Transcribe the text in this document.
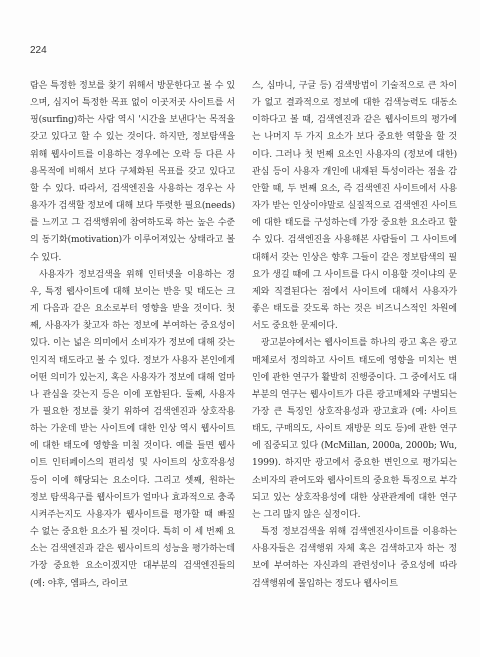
224

람은 특정한 정보를 찾기 위해서 방문한다고 볼 수 있으며, 심지어 특정한 목표 없이 이곳저곳 사이트를 서핑(surfing)하는 사람 역시 '시간을 보낸다'는 목적을 갖고 있다고 할 수 있는 것이다. 하지만, 정보탐색을 위해 웹사이트를 이용하는 경우에는 오락 등 다른 사용목적에 비해서 보다 구체화된 목표를 갖고 있다고 할 수 있다. 따라서, 검색엔진을 사용하는 경우는 사용자가 검색할 정보에 대해 보다 뚜렷한 필요(needs)를 느끼고 그 검색행위에 참여하도록 하는 높은 수준의 동기화(motivation)가 이루어져있는 상태라고 볼 수 있다.

사용자가 정보검색을 위해 인터넷을 이용하는 경우, 특정 웹사이트에 대해 보이는 반응 및 태도는 크게 다음과 같은 요소로부터 영향을 받을 것이다. 첫째, 사용자가 찾고자 하는 정보에 부여하는 중요성이 있다. 이는 넓은 의미에서 소비자가 정보에 대해 갖는 인지적 태도라고 볼 수 있다. 정보가 사용자 본인에게 어떤 의미가 있는지, 혹은 사용자가 정보에 대해 얼마나 관심을 갖는지 등은 이에 포함된다. 둘째, 사용자가 필요한 정보를 찾기 위하여 검색엔진과 상호작용하는 가운데 받는 사이트에 대한 인상 역시 웹사이트에 대한 태도에 영향을 미칠 것이다. 예를 들면 웹사이트 인터페이스의 편리성 및 사이트의 상호작용성 등이 이에 해당되는 요소이다. 그리고 셋째, 원하는 정보 탐색욕구를 웹사이트가 얼마나 효과적으로 충족시켜주는지도 사용자가 웹사이트를 평가할 때 빠질 수 없는 중요한 요소가 될 것이다. 특히 이 세 번째 요소는 검색엔진과 같은 웹사이트의 성능을 평가하는데 가장 중요한 요소이겠지만 대부분의 검색엔진들의(예: 야후, 엠파스, 라이코

스, 심마니, 구글 등) 검색방법이 기술적으로 큰 차이가 없고 결과적으로 정보에 대한 검색능력도 대동소이하다고 볼 때, 검색엔진과 같은 웹사이트의 평가에는 나머지 두 가지 요소가 보다 중요한 역할을 할 것이다. 그러나 첫 번째 요소인 사용자의 (정보에 대한) 관심 등이 사용자 개인에 내재된 특성이라는 점을 감안할 때, 두 번째 요소, 즉 검색엔진 사이트에서 사용자가 받는 인상이야말로 실질적으로 검색엔진 사이트에 대한 태도를 구성하는데 가장 중요한 요소라고 할 수 있다. 검색엔진을 사용해본 사람들이 그 사이트에 대해서 갖는 인상은 향후 그들이 같은 정보탐색의 필요가 생길 때에 그 사이트를 다시 이용할 것이냐의 문제와 직결된다는 점에서 사이트에 대해서 사용자가 좋은 태도를 갖도록 하는 것은 비즈니스적인 차원에서도 중요한 문제이다.

광고분야에서는 웹사이트를 하나의 광고 혹은 광고매체로서 정의하고 사이트 태도에 영향을 미치는 변인에 관한 연구가 활발히 진행중이다. 그 중에서도 대부분의 연구는 웹사이트가 다른 광고매체와 구별되는 가장 큰 특징인 상호작용성과 광고효과 (예: 사이트 태도, 구매의도, 사이트 재방문 의도 등)에 관한 연구에 집중되고 있다 (McMillan, 2000a, 2000b; Wu, 1999). 하지만 광고에서 중요한 변인으로 평가되는 소비자의 관여도와 웹사이트의 중요한 특징으로 부각되고 있는 상호작용성에 대한 상관관계에 대한 연구는 그리 많지 않은 실정이다.

특정 정보검색을 위해 검색엔진사이트를 이용하는 사용자들은 검색행위 자체 혹은 검색하고자 하는 정보에 부여하는 자신과의 관련성이나 중요성에 따라 검색행위에 몰입하는 정도나 웹사이트
